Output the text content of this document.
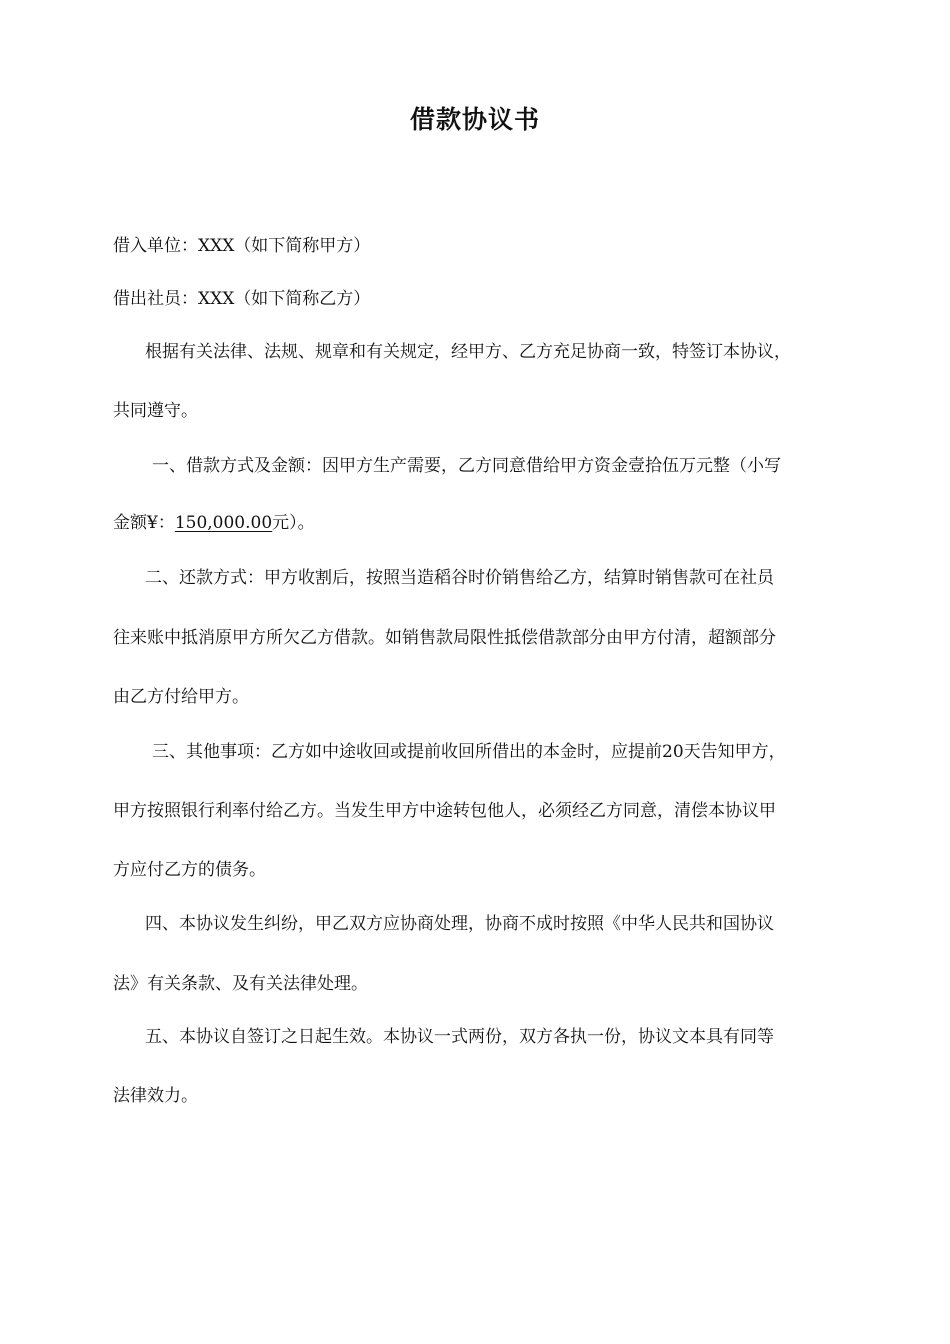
借款协议书
借入单位：XXX（如下简称甲方）
借出社员：XXX（如下简称乙方）
根据有关法律、法规、规章和有关规定，经甲方、乙方充足协商一致，特签订本协议，
共同遵守。
一、借款方式及金额：因甲方生产需要，乙方同意借给甲方资金壹拾伍万元整（小写
金额¥：150,000.00元）。
二、还款方式：甲方收割后，按照当造稻谷时价销售给乙方，结算时销售款可在社员
往来账中抵消原甲方所欠乙方借款。如销售款局限性抵偿借款部分由甲方付清，超额部分
由乙方付给甲方。
三、其他事项：乙方如中途收回或提前收回所借出的本金时，应提前20天告知甲方，
甲方按照银行利率付给乙方。当发生甲方中途转包他人，必须经乙方同意，清偿本协议甲
方应付乙方的债务。
四、本协议发生纠纷，甲乙双方应协商处理，协商不成时按照《中华人民共和国协议
法》有关条款、及有关法律处理。
五、本协议自签订之日起生效。本协议一式两份，双方各执一份，协议文本具有同等
法律效力。
